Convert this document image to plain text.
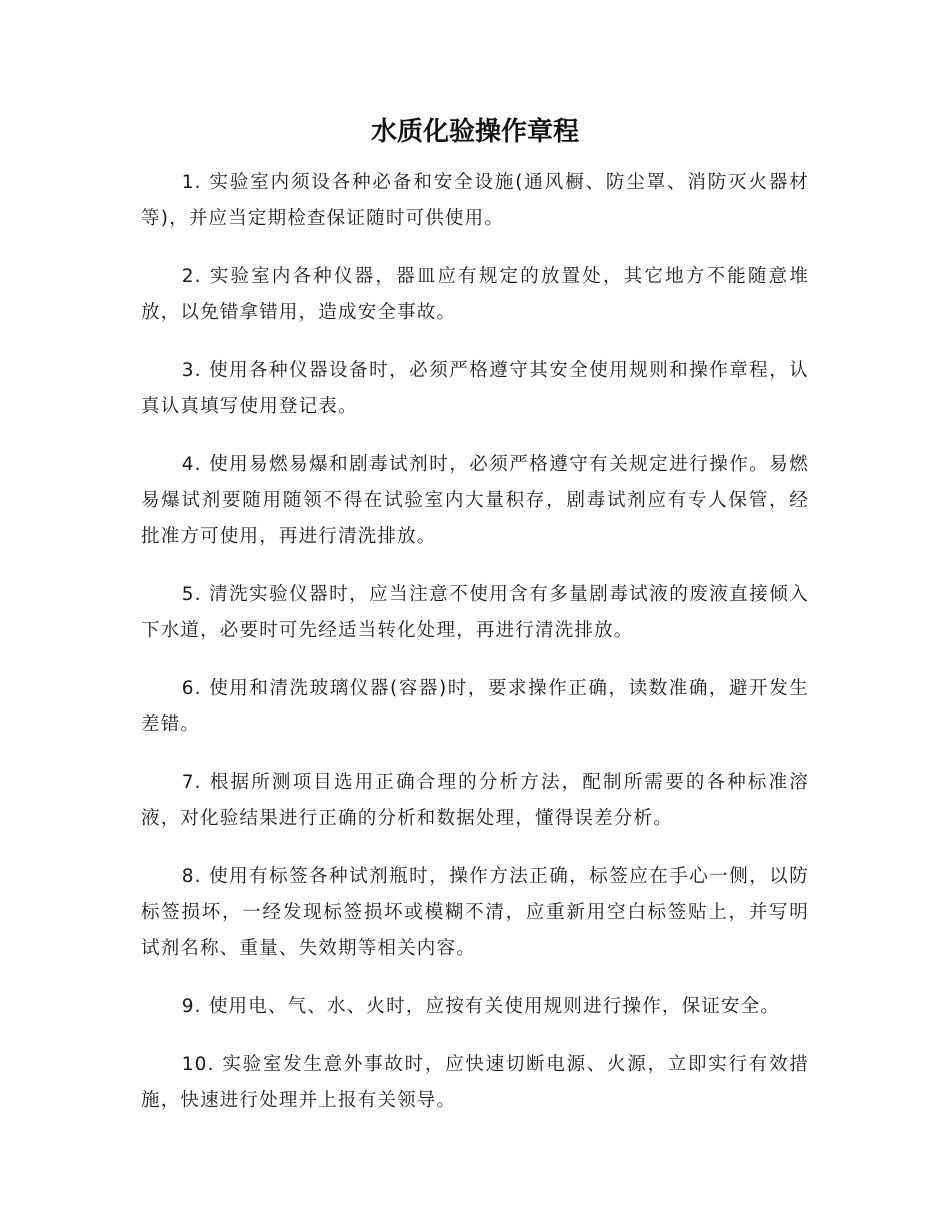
水质化验操作章程

1. 实验室内须设各种必备和安全设施(通风橱、防尘罩、消防灭火器材等)，并应当定期检查保证随时可供使用。

2. 实验室内各种仪器，器皿应有规定的放置处，其它地方不能随意堆放，以免错拿错用，造成安全事故。

3. 使用各种仪器设备时，必须严格遵守其安全使用规则和操作章程，认真认真填写使用登记表。

4. 使用易燃易爆和剧毒试剂时，必须严格遵守有关规定进行操作。易燃易爆试剂要随用随领不得在试验室内大量积存，剧毒试剂应有专人保管，经批准方可使用，再进行清洗排放。

5. 清洗实验仪器时，应当注意不使用含有多量剧毒试液的废液直接倾入下水道，必要时可先经适当转化处理，再进行清洗排放。

6. 使用和清洗玻璃仪器(容器)时，要求操作正确，读数准确，避开发生差错。

7. 根据所测项目选用正确合理的分析方法，配制所需要的各种标准溶液，对化验结果进行正确的分析和数据处理，懂得误差分析。

8. 使用有标签各种试剂瓶时，操作方法正确，标签应在手心一侧，以防标签损坏，一经发现标签损坏或模糊不清，应重新用空白标签贴上，并写明试剂名称、重量、失效期等相关内容。

9. 使用电、气、水、火时，应按有关使用规则进行操作，保证安全。

10. 实验室发生意外事故时，应快速切断电源、火源，立即实行有效措施，快速进行处理并上报有关领导。
